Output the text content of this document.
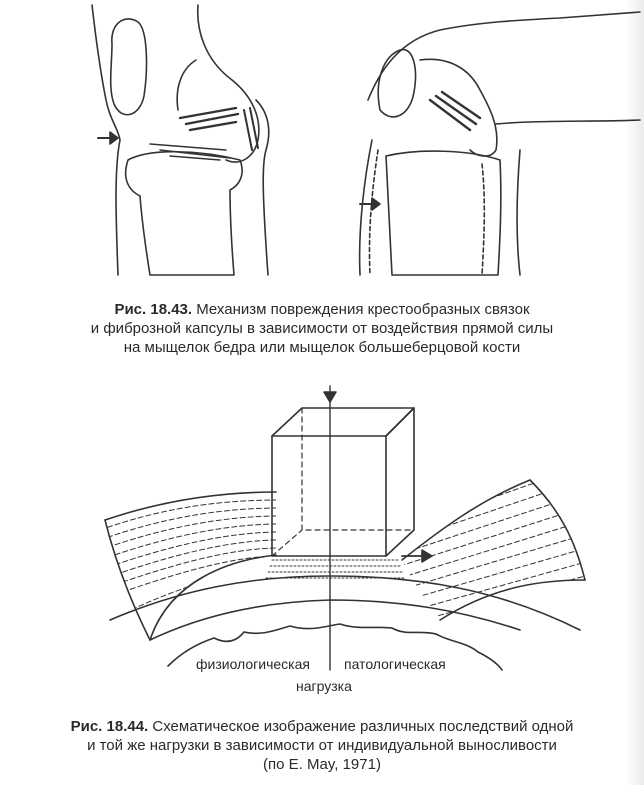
Рис. 18.43. Механизм повреждения крестообразных связок
и фиброзной капсулы в зависимости от воздействия прямой силы
на мыщелок бедра или мыщелок большеберцовой кости
физиологическая патологическая
нагрузка
Рис. 18.44. Схематическое изображение различных последствий одной
и той же нагрузки в зависимости от индивидуальной выносливости
(по E. May, 1971)
